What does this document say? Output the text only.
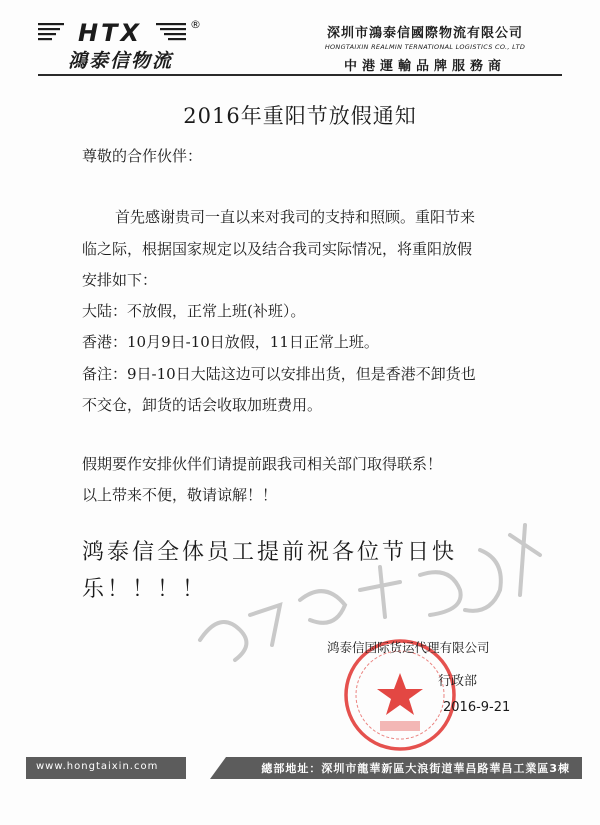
HTX	®
鴻泰信物流
深圳市鴻泰信國際物流有限公司
HONGTAIXIN REALMIN TERNATIONAL LOGISTICS CO., LTD
中港運輸品牌服務商
2016年重阳节放假通知
尊敬的合作伙伴：
首先感谢贵司一直以来对我司的支持和照顾。重阳节来
临之际，根据国家规定以及结合我司实际情况，将重阳放假
安排如下：
大陆：不放假，正常上班(补班）。
香港：10月9日-10日放假，11日正常上班。
备注：9日-10日大陆这边可以安排出货，但是香港不卸货也
不交仓，卸货的话会收取加班费用。
假期要作安排伙伴们请提前跟我司相关部门取得联系！
以上带来不便，敬请谅解！！
鸿泰信全体员工提前祝各位节日快
乐！！！！
鸿泰信国际货运代理有限公司
行政部
2016-9-21
www.hongtaixin.com	總部地址：深圳市龍華新區大浪街道華昌路華昌工業區3棟
